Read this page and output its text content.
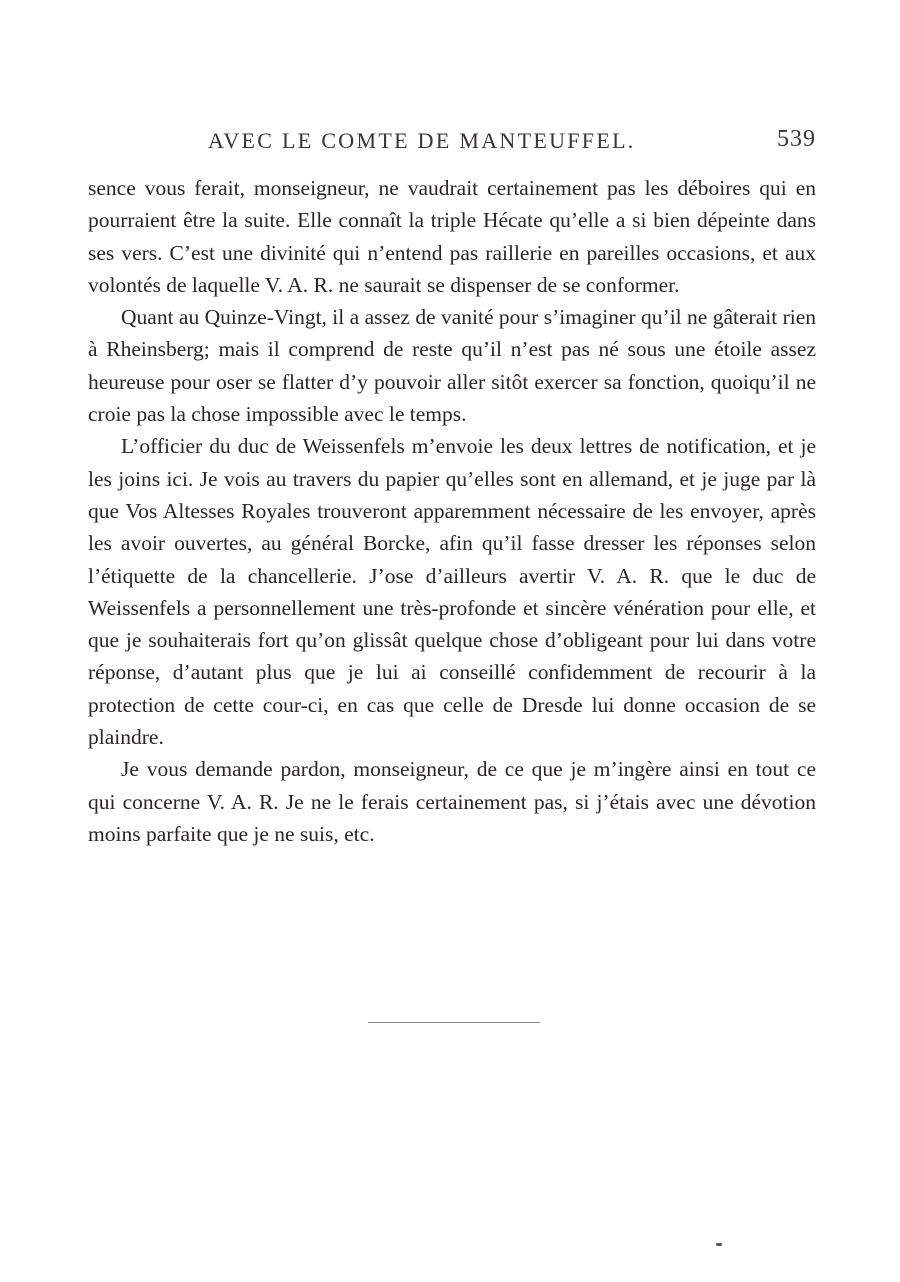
AVEC LE COMTE DE MANTEUFFEL.	539

sence vous ferait, monseigneur, ne vaudrait certainement pas les déboires qui en pourraient être la suite. Elle connaît la triple Hécate qu’elle a si bien dépeinte dans ses vers. C’est une divinité qui n’entend pas raillerie en pareilles occasions, et aux volontés de laquelle V. A. R. ne saurait se dispenser de se conformer.

Quant au Quinze-Vingt, il a assez de vanité pour s’imaginer qu’il ne gâterait rien à Rheinsberg; mais il comprend de reste qu’il n’est pas né sous une étoile assez heureuse pour oser se flatter d’y pouvoir aller sitôt exercer sa fonction, quoiqu’il ne croie pas la chose impossible avec le temps.

L’officier du duc de Weissenfels m’envoie les deux lettres de notification, et je les joins ici. Je vois au travers du papier qu’elles sont en allemand, et je juge par là que Vos Altesses Royales trouveront apparemment nécessaire de les envoyer, après les avoir ouvertes, au général Borcke, afin qu’il fasse dresser les réponses selon l’étiquette de la chancellerie. J’ose d’ailleurs avertir V. A. R. que le duc de Weissenfels a personnellement une très-profonde et sincère vénération pour elle, et que je souhaiterais fort qu’on glissât quelque chose d’obligeant pour lui dans votre réponse, d’autant plus que je lui ai conseillé confidemment de recourir à la protection de cette cour-ci, en cas que celle de Dresde lui donne occasion de se plaindre.

Je vous demande pardon, monseigneur, de ce que je m’ingère ainsi en tout ce qui concerne V. A. R. Je ne le ferais certainement pas, si j’étais avec une dévotion moins parfaite que je ne suis, etc.
